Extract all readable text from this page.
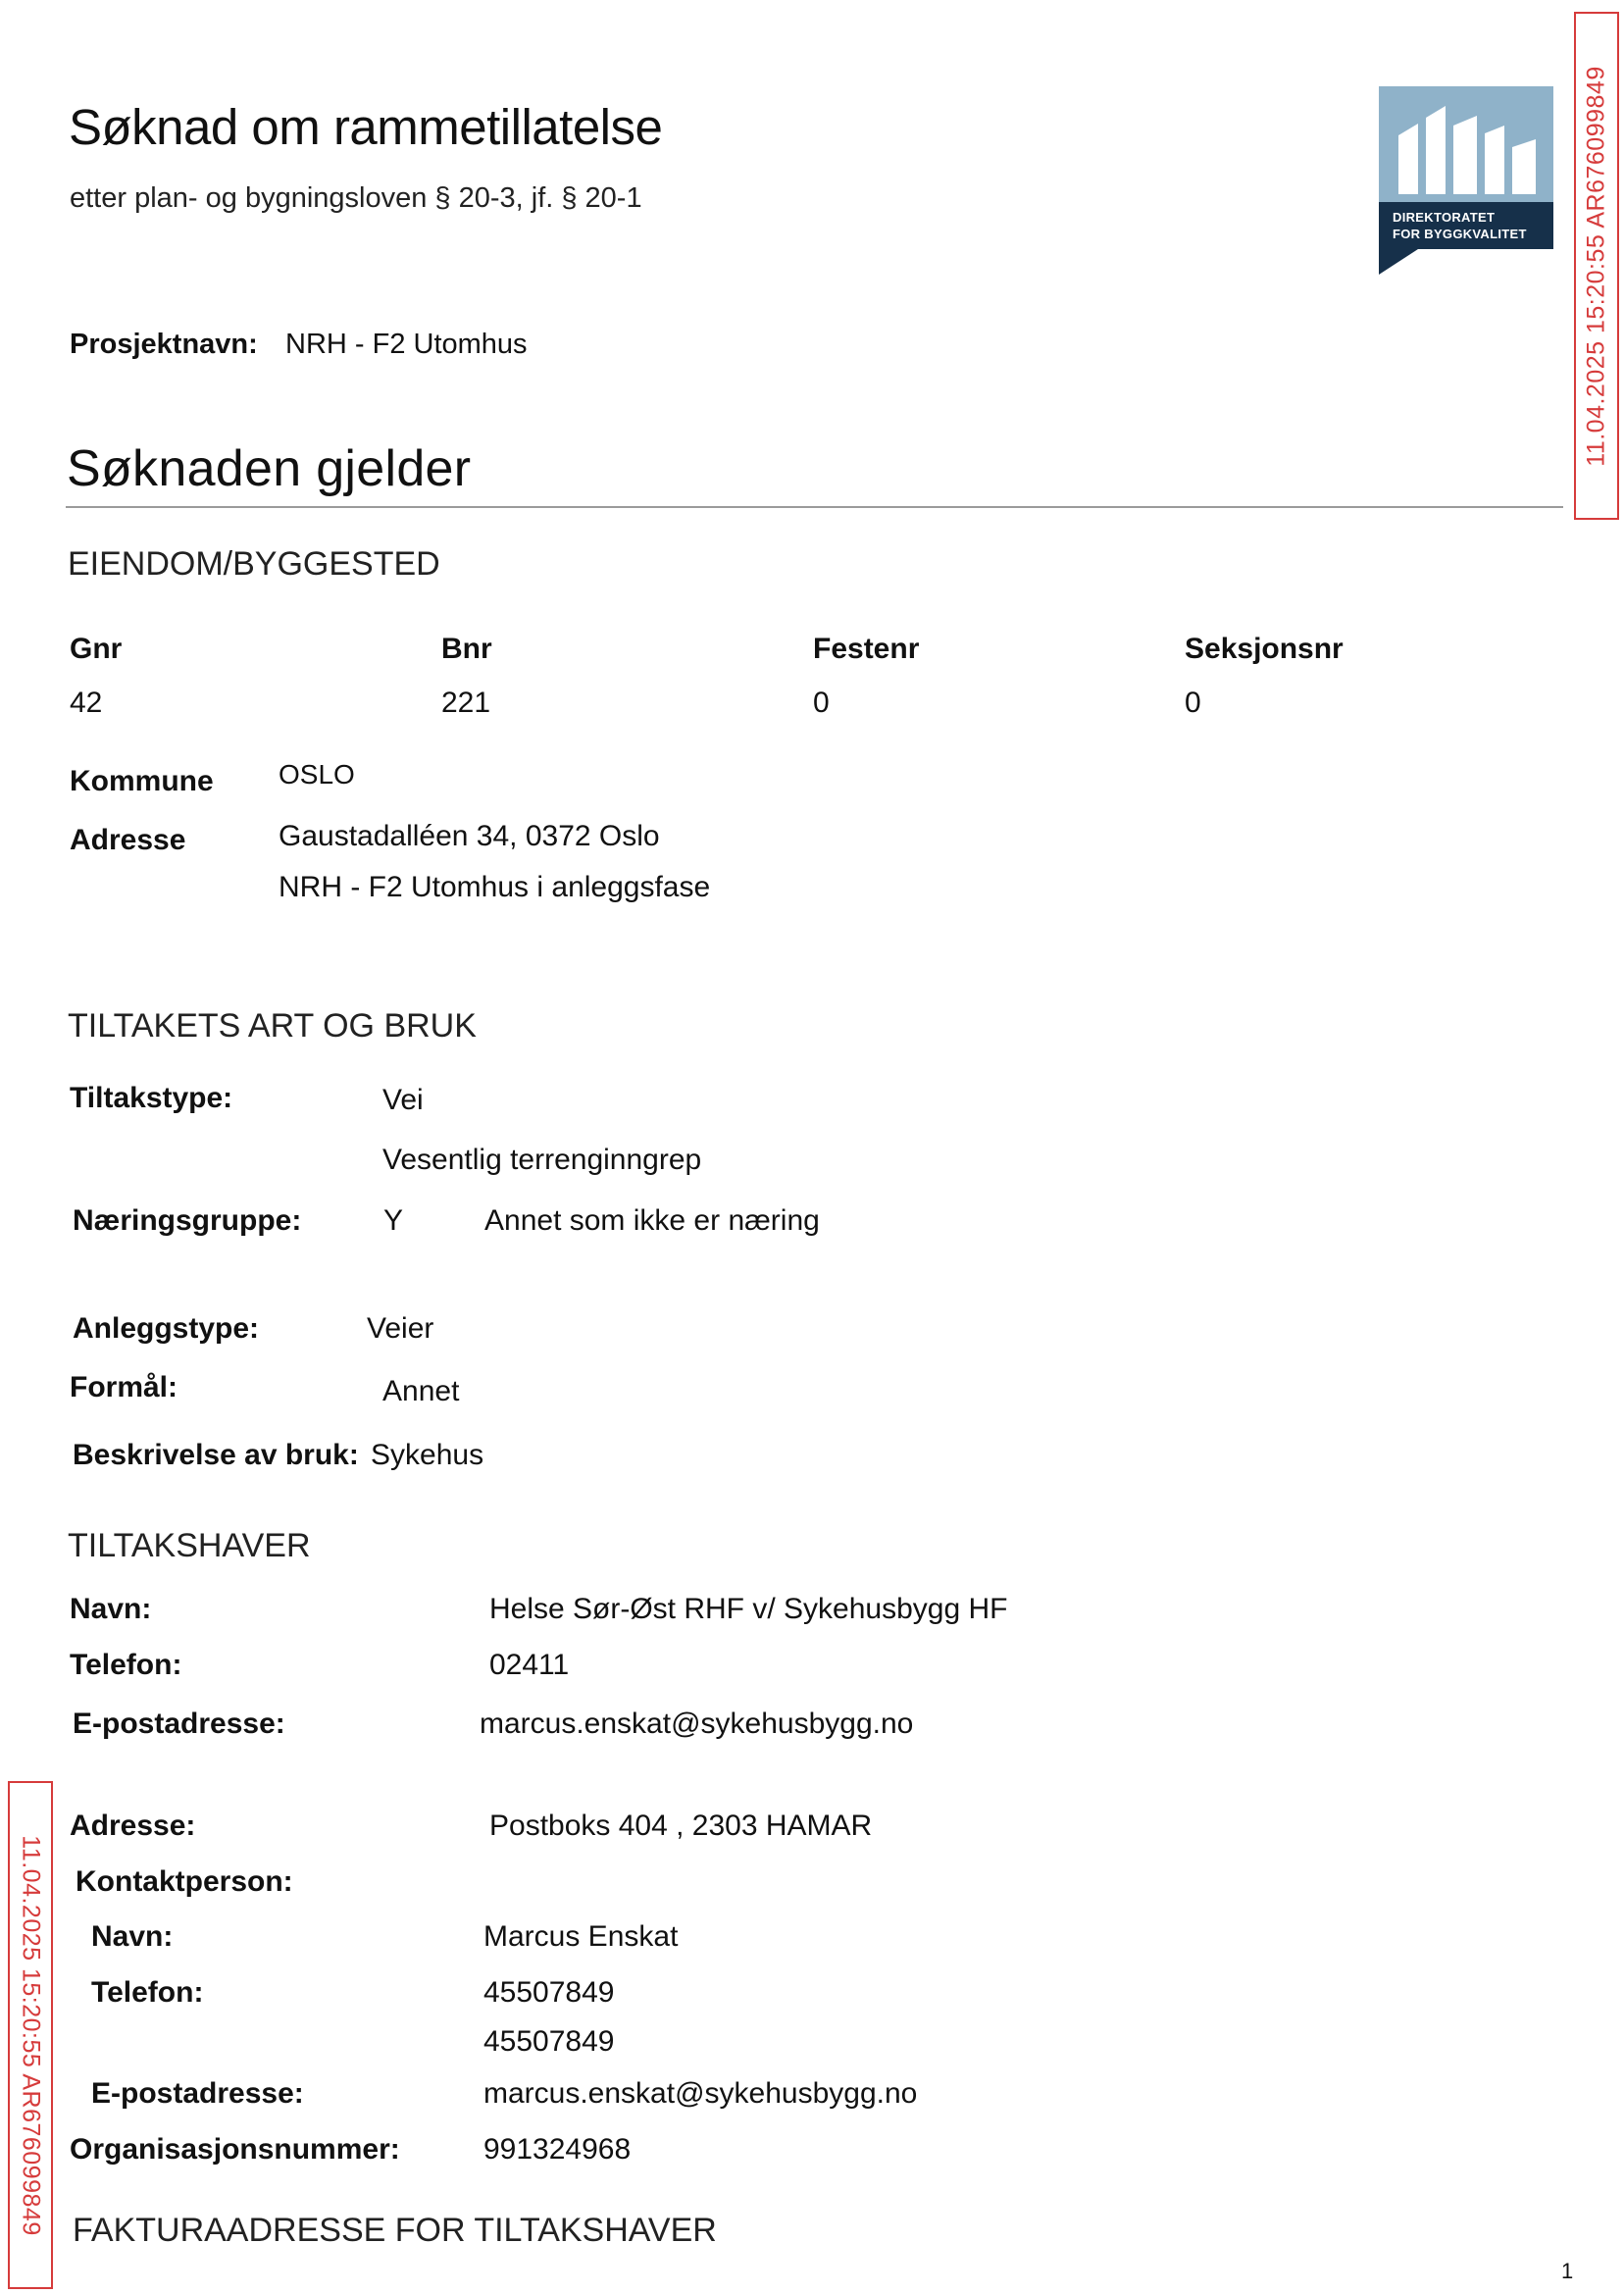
Søknad om rammetillatelse
etter plan- og bygningsloven § 20-3, jf. § 20-1
DIREKTORATET
FOR BYGGKVALITET 11.04.2025 15:20:55 AR676099849
11.04.2025 15:20:55 AR676099849
Prosjektnavn: NRH - F2 Utomhus
Søknaden gjelder
EIENDOM/BYGGESTED
Gnr	Bnr	Festenr	Seksjonsnr
42	221	0	0
Kommune OSLO
Adresse	Gaustadalléen 34, 0372 Oslo
NRH - F2 Utomhus i anleggsfase
TILTAKETS ART OG BRUK
Tiltakstype:	Vei
Vesentlig terrenginngrep
Næringsgruppe:	Y	Annet som ikke er næring
Anleggstype:	Veier
Formål:	Annet
Beskrivelse av bruk: Sykehus
TILTAKSHAVER
Navn:	Helse Sør-Øst RHF v/ Sykehusbygg HF
Telefon:	02411
E-postadresse:	marcus.enskat@sykehusbygg.no
Adresse:	Postboks 404 , 2303 HAMAR
Kontaktperson:
Navn:	Marcus Enskat
Telefon:	45507849
45507849
E-postadresse:	marcus.enskat@sykehusbygg.no
Organisasjonsnummer:	991324968
FAKTURAADRESSE FOR TILTAKSHAVER
1
